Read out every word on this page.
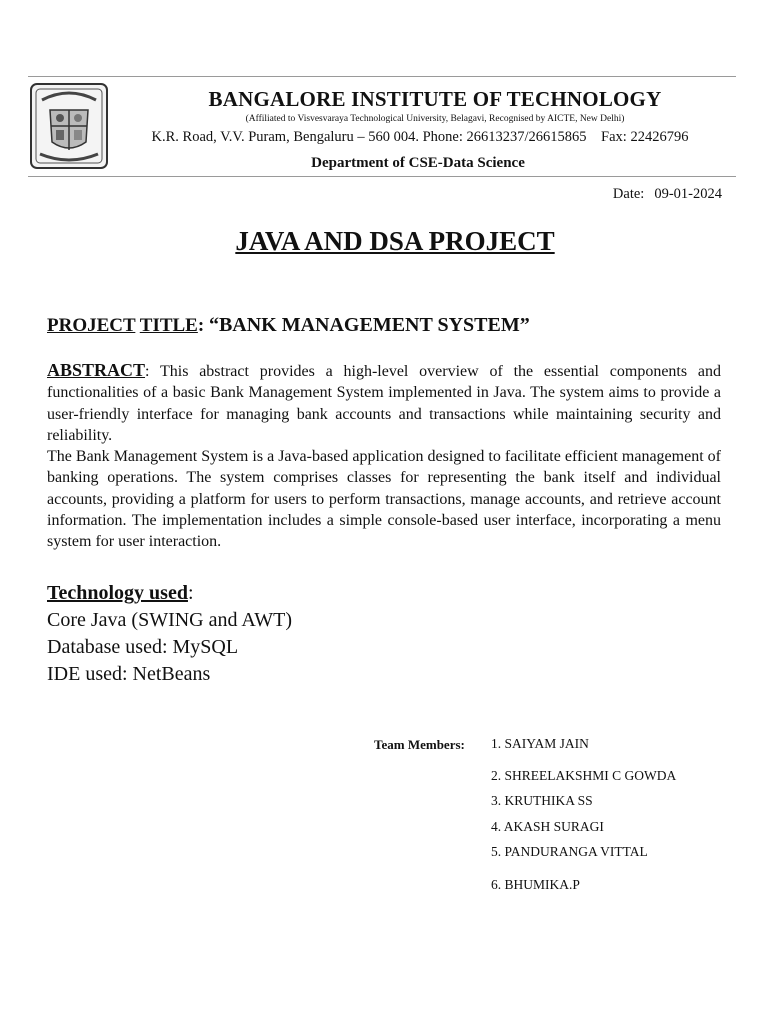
BANGALORE INSTITUTE OF TECHNOLOGY
(Affiliated to Visvesvaraya Technological University, Belagavi, Recognised by AICTE, New Delhi)
K.R. Road, V.V. Puram, Bengaluru – 560 004. Phone: 26613237/26615865 Fax: 22426796
Department of CSE-Data Science
Date: 09-01-2024
JAVA AND DSA PROJECT
PROJECT TITLE: “BANK MANAGEMENT SYSTEM”

ABSTRACT: This abstract provides a high-level overview of the essential components and functionalities of a basic Bank Management System implemented in Java. The system aims to provide a user-friendly interface for managing bank accounts and transactions while maintaining security and reliability.

The Bank Management System is a Java-based application designed to facilitate efficient management of banking operations. The system comprises classes for representing the bank itself and individual accounts, providing a platform for users to perform transactions, manage accounts, and retrieve account information. The implementation includes a simple console-based user interface, incorporating a menu system for user interaction.

Technology used:
Core Java (SWING and AWT)
Database used: MySQL
IDE used: NetBeans
Team Members: 1. SAIYAM JAIN
2. SHREELAKSHMI C GOWDA
3. KRUTHIKA SS
4. AKASH SURAGI
5. PANDURANGA VITTAL
6. BHUMIKA.P
